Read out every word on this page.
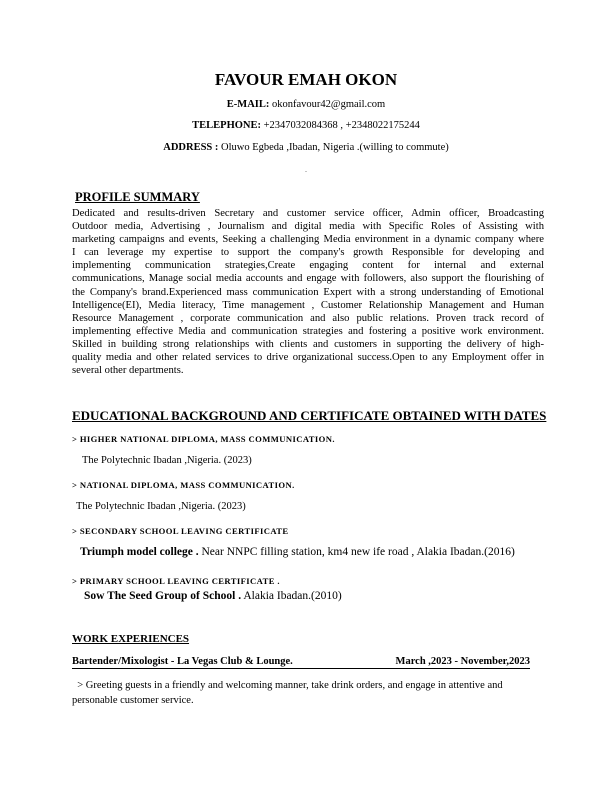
FAVOUR EMAH OKON
E-MAIL: okonfavour42@gmail.com
TELEPHONE: +2347032084368 , +2348022175244
ADDRESS : Oluwo Egbeda ,Ibadan, Nigeria .(willing to commute)
.
PROFILE SUMMARY
Dedicated and results-driven Secretary and customer service officer, Admin officer, Broadcasting
Outdoor media, Advertising , Journalism and digital media with Specific Roles of Assisting with
marketing campaigns and events, Seeking a challenging Media environment in a dynamic company where
I can leverage my expertise to support the company's growth Responsible for developing and
implementing communication strategies,Create engaging content for internal and external
communications, Manage social media accounts and engage with followers, also support the flourishing of
the Company's brand.Experienced mass communication Expert with a strong understanding of Emotional
Intelligence(EI), Media literacy, Time management , Customer Relationship Management and Human
Resource Management , corporate communication and also public relations. Proven track record of
implementing effective Media and communication strategies and fostering a positive work environment.
Skilled in building strong relationships with clients and customers in supporting the delivery of high-
quality media and other related services to drive organizational success.Open to any Employment offer in
several other departments.
EDUCATIONAL BACKGROUND AND CERTIFICATE OBTAINED WITH DATES
> HIGHER NATIONAL DIPLOMA, MASS COMMUNICATION.
The Polytechnic Ibadan ,Nigeria. (2023)
> NATIONAL DIPLOMA, MASS COMMUNICATION.
The Polytechnic Ibadan ,Nigeria. (2023)
> SECONDARY SCHOOL LEAVING CERTIFICATE
Triumph model college . Near NNPC filling station, km4 new ife road , Alakia Ibadan.(2016)
> PRIMARY SCHOOL LEAVING CERTIFICATE .
Sow The Seed Group of School . Alakia Ibadan.(2010)
WORK EXPERIENCES
Bartender/Mixologist - La Vegas Club & Lounge.	March ,2023 - November,2023
> Greeting guests in a friendly and welcoming manner, take drink orders, and engage in attentive and
personable customer service.
